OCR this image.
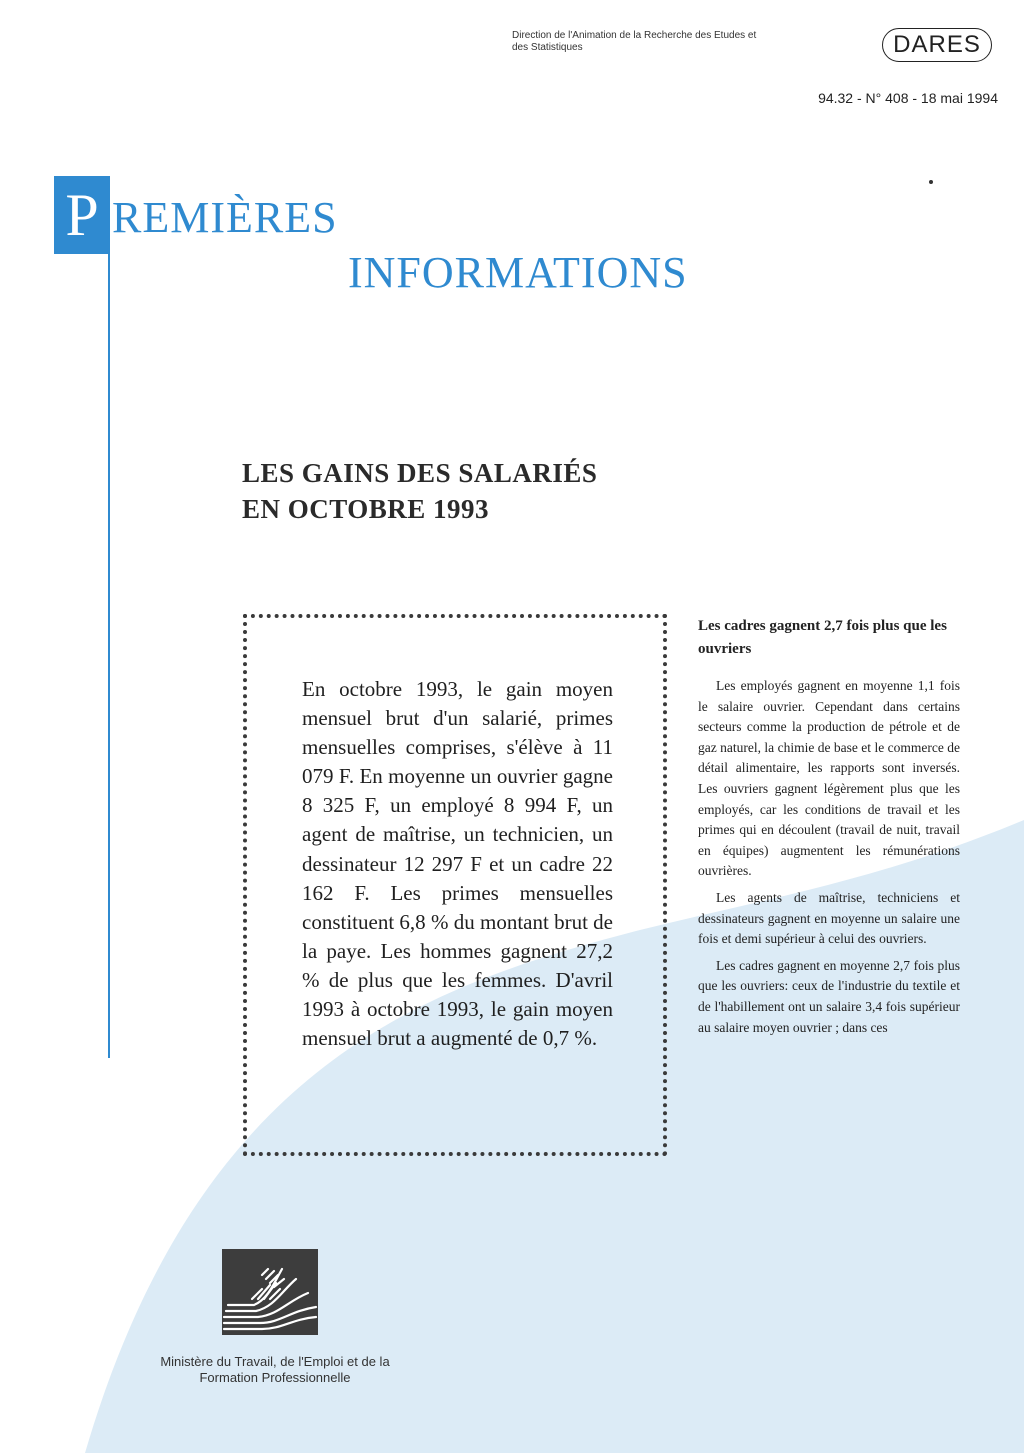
Direction de l'Animation de la Recherche des Etudes et des Statistiques	DARES
94.32 - N° 408 - 18 mai 1994
P REMIÈRES
INFORMATIONS
LES GAINS DES SALARIÉS
EN OCTOBRE 1993
En octobre 1993, le gain moyen mensuel brut d'un salarié, primes mensuelles comprises, s'élève à 11 079 F. En moyenne un ouvrier gagne 8 325 F, un employé 8 994 F, un agent de maîtrise, un technicien, un dessinateur 12 297 F et un cadre 22 162 F. Les primes mensuelles constituent 6,8 % du montant brut de la paye. Les hommes gagnent 27,2 % de plus que les femmes. D'avril 1993 à octobre 1993, le gain moyen mensuel brut a augmenté de 0,7 %.
Les cadres gagnent 2,7 fois plus que les ouvriers

Les employés gagnent en moyenne 1,1 fois le salaire ouvrier. Cependant dans certains secteurs comme la production de pétrole et de gaz naturel, la chimie de base et le commerce de détail alimentaire, les rapports sont inversés. Les ouvriers gagnent légèrement plus que les employés, car les conditions de travail et les primes qui en découlent (travail de nuit, travail en équipes) augmentent les rémunérations ouvrières.

Les agents de maîtrise, techniciens et dessinateurs gagnent en moyenne un salaire une fois et demi supérieur à celui des ouvriers.

Les cadres gagnent en moyenne 2,7 fois plus que les ouvriers: ceux de l'industrie du textile et de l'habillement ont un salaire 3,4 fois supérieur au salaire moyen ouvrier ; dans ces

Ministère du Travail, de l'Emploi et de la Formation Professionnelle
